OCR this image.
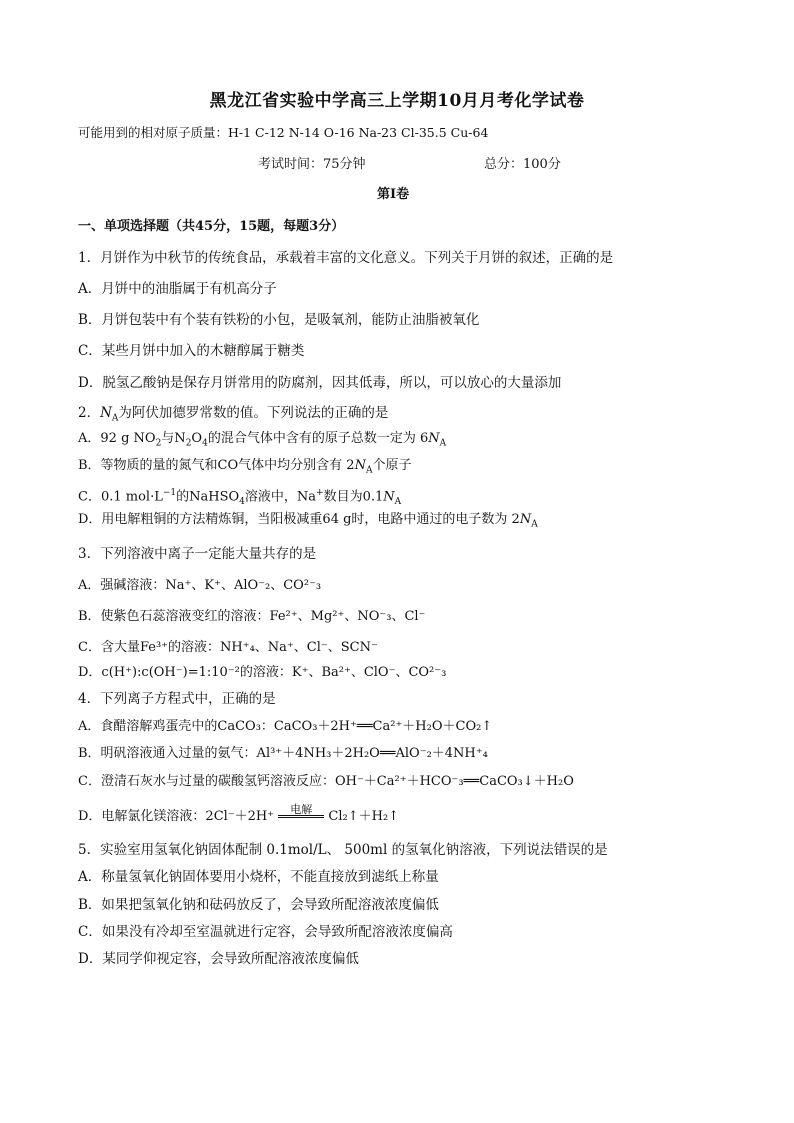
黑龙江省实验中学高三上学期10月月考化学试卷
可能用到的相对原子质量：H-1 C-12 N-14 O-16 Na-23 Cl-35.5 Cu-64
考试时间：75分钟	总分：100分
第I卷
一、单项选择题（共45分，15题，每题3分）
1．月饼作为中秋节的传统食品，承载着丰富的文化意义。下列关于月饼的叙述，正确的是
A．月饼中的油脂属于有机高分子
B．月饼包装中有个装有铁粉的小包，是吸氧剂，能防止油脂被氧化
C．某些月饼中加入的木糖醇属于糖类
D．脱氢乙酸钠是保存月饼常用的防腐剂，因其低毒，所以，可以放心的大量添加
2．$N_A$为阿伏加德罗常数的值。下列说法的正确的是
A．92 g $NO_2$与$N_2O_4$的混合气体中含有的原子总数一定为 $6N_A$
B．等物质的量的氮气和CO气体中均分别含有 $2N_A$个原子
C．0.1 $mol\cdot L^{-1}$的NaHSO$_4$溶液中，Na+数目为$0.1N_A$
D．用电解粗铜的方法精炼铜，当阳极减重64 g时，电路中通过的电子数为 $2N_A$
3．下列溶液中离子一定能大量共存的是
A．强碱溶液：Na⁺、K⁺、AlO⁻₂、CO²⁻₃
B．使紫色石蕊溶液变红的溶液：Fe²⁺、Mg²⁺、NO⁻₃、Cl⁻
C．含大量Fe³⁺的溶液：NH⁺₄、Na⁺、Cl⁻、SCN⁻
D．c(H⁺):c(OH⁻)=1:10⁻²的溶液：K⁺、Ba²⁺、ClO⁻、CO²⁻₃
4．下列离子方程式中，正确的是
A．食醋溶解鸡蛋壳中的CaCO₃：CaCO₃＋2H⁺══Ca²⁺＋H₂O＋CO₂↑
B．明矾溶液通入过量的氨气：Al³⁺＋4NH₃＋2H₂O══AlO⁻₂＋4NH⁺₄
C．澄清石灰水与过量的碳酸氢钙溶液反应：OH⁻＋Ca²⁺＋HCO⁻₃══CaCO₃↓＋H₂O
D．电解氯化镁溶液：2Cl⁻＋2H⁺	电解	Cl₂↑＋H₂↑
5．实验室用氢氧化钠固体配制 0.1mol/L、 500ml 的氢氧化钠溶液，下列说法错误的是
A．称量氢氧化钠固体要用小烧杯，不能直接放到滤纸上称量
B．如果把氢氧化钠和砝码放反了，会导致所配溶液浓度偏低
C．如果没有冷却至室温就进行定容，会导致所配溶液浓度偏高
D．某同学仰视定容，会导致所配溶液浓度偏低
